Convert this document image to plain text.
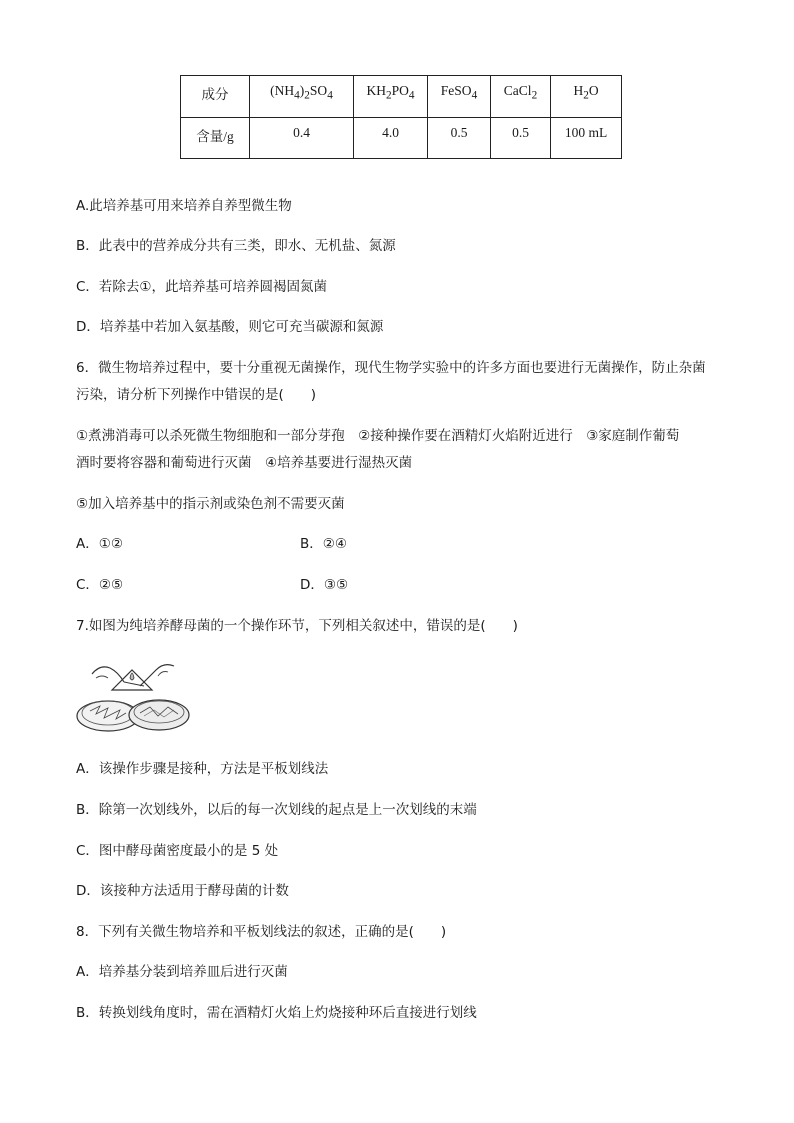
成分	$(NH_4)_2SO_4$	$KH_2PO_4$	FeSO$_4$	CaCl$_2$	$H_2O$
含量/g	0.4	4.0	0.5	0.5	100 mL
A.此培养基可用来培养自养型微生物
B．此表中的营养成分共有三类，即水、无机盐、氮源
C．若除去①，此培养基可培养圆褐固氮菌
D．培养基中若加入氨基酸，则它可充当碳源和氮源
6．微生物培养过程中，要十分重视无菌操作，现代生物学实验中的许多方面也要进行无菌操作，防止杂菌
污染，请分析下列操作中错误的是(　　)
①煮沸消毒可以杀死微生物细胞和一部分芽孢　②接种操作要在酒精灯火焰附近进行　③家庭制作葡萄
酒时要将容器和葡萄进行灭菌　④培养基要进行湿热灭菌
⑤加入培养基中的指示剂或染色剂不需要灭菌
A．①②	B．②④
C．②⑤	D．③⑤
7.如图为纯培养酵母菌的一个操作环节，下列相关叙述中，错误的是(　　)
A．该操作步骤是接种，方法是平板划线法
B．除第一次划线外，以后的每一次划线的起点是上一次划线的末端
C．图中酵母菌密度最小的是 5 处
D．该接种方法适用于酵母菌的计数
8．下列有关微生物培养和平板划线法的叙述，正确的是(　　)
A．培养基分装到培养皿后进行灭菌
B．转换划线角度时，需在酒精灯火焰上灼烧接种环后直接进行划线
